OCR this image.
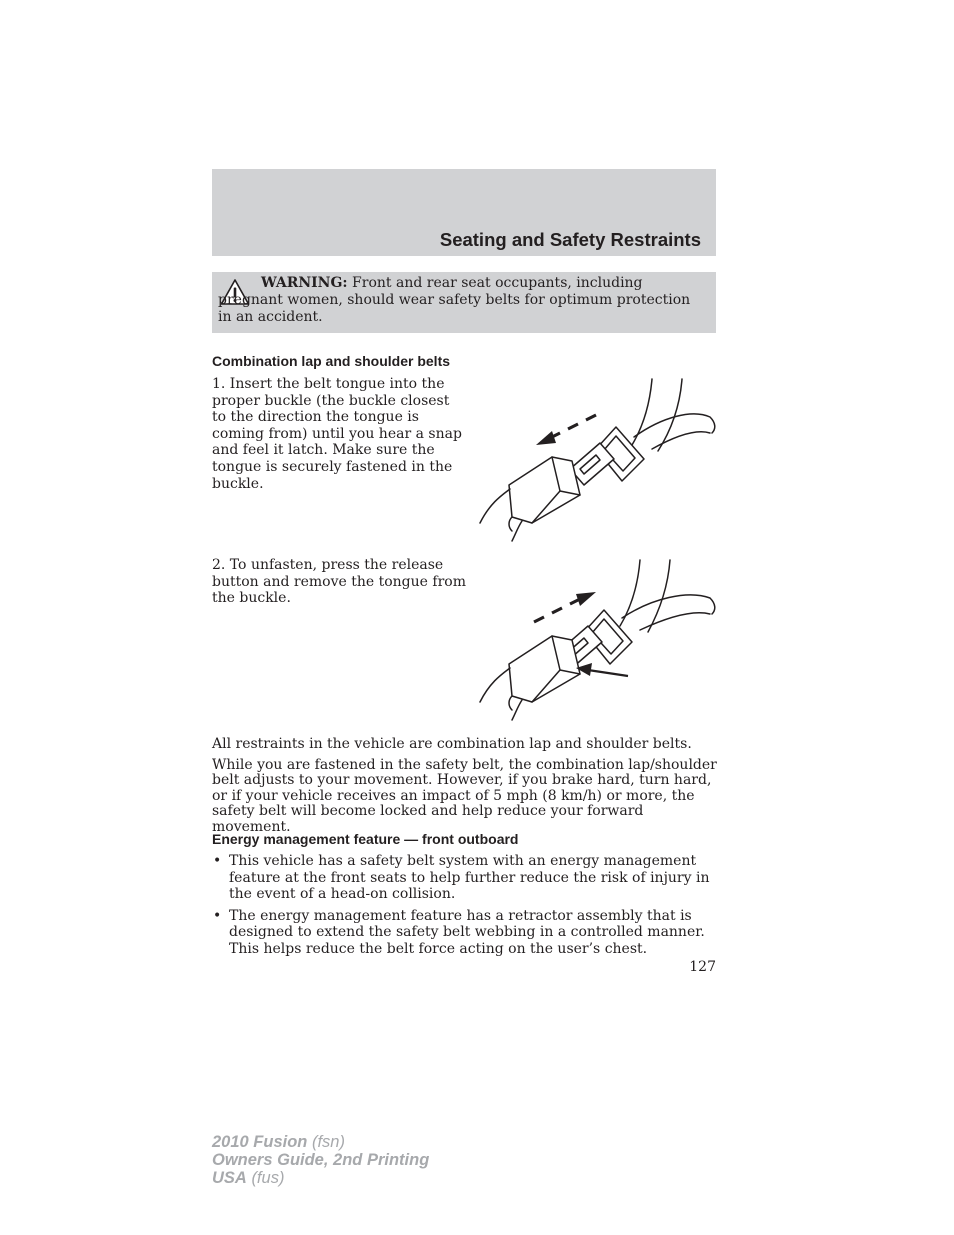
Seating and Safety Restraints

WARNING: Front and rear seat occupants, including pregnant women, should wear safety belts for optimum protection in an accident.

Combination lap and shoulder belts

1. Insert the belt tongue into the proper buckle (the buckle closest to the direction the tongue is coming from) until you hear a snap and feel it latch. Make sure the tongue is securely fastened in the buckle.

2. To unfasten, press the release button and remove the tongue from the buckle.

All restraints in the vehicle are combination lap and shoulder belts.

While you are fastened in the safety belt, the combination lap/shoulder belt adjusts to your movement. However, if you brake hard, turn hard, or if your vehicle receives an impact of 5 mph (8 km/h) or more, the safety belt will become locked and help reduce your forward movement.

Energy management feature — front outboard
• This vehicle has a safety belt system with an energy management feature at the front seats to help further reduce the risk of injury in the event of a head-on collision.
• The energy management feature has a retractor assembly that is designed to extend the safety belt webbing in a controlled manner. This helps reduce the belt force acting on the user’s chest.

127

2010 Fusion (fsn)
Owners Guide, 2nd Printing
USA (fus)
